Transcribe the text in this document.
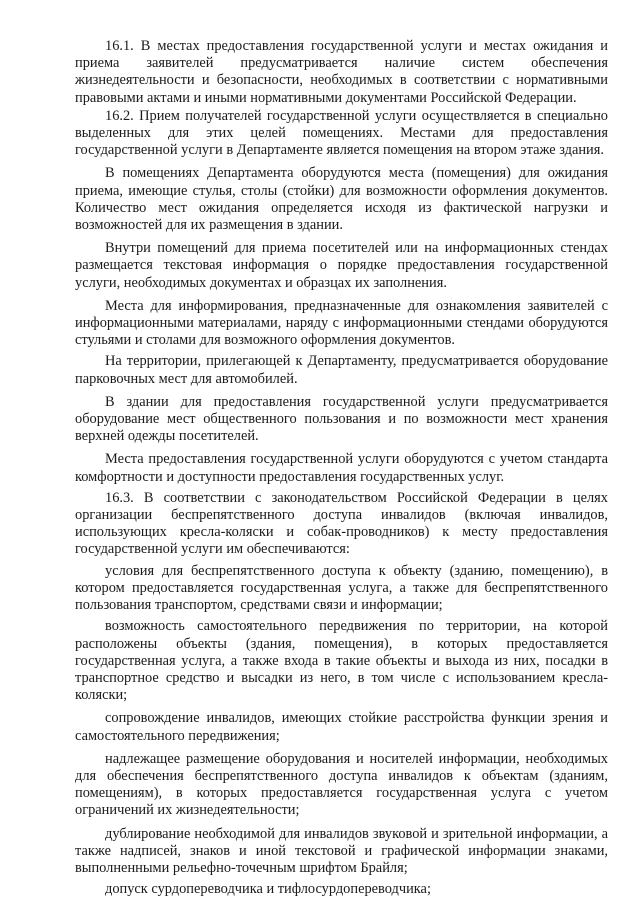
16.1. В местах предоставления государственной услуги и местах ожидания и приема заявителей предусматривается наличие систем обеспечения жизнедеятельности и безопасности, необходимых в соответствии с нормативными правовыми актами и иными нормативными документами Российской Федерации.

16.2. Прием получателей государственной услуги осуществляется в специально выделенных для этих целей помещениях. Местами для предоставления государственной услуги в Департаменте является помещения на втором этаже здания.

В помещениях Департамента оборудуются места (помещения) для ожидания приема, имеющие стулья, столы (стойки) для возможности оформления документов. Количество мест ожидания определяется исходя из фактической нагрузки и возможностей для их размещения в здании.

Внутри помещений для приема посетителей или на информационных стендах размещается текстовая информация о порядке предоставления государственной услуги, необходимых документах и образцах их заполнения.

Места для информирования, предназначенные для ознакомления заявителей с информационными материалами, наряду с информационными стендами оборудуются стульями и столами для возможного оформления документов.

На территории, прилегающей к Департаменту, предусматривается оборудование парковочных мест для автомобилей.

В здании для предоставления государственной услуги предусматривается оборудование мест общественного пользования и по возможности мест хранения верхней одежды посетителей.

Места предоставления государственной услуги оборудуются с учетом стандарта комфортности и доступности предоставления государственных услуг.

16.3. В соответствии с законодательством Российской Федерации в целях организации беспрепятственного доступа инвалидов (включая инвалидов, использующих кресла-коляски и собак-проводников) к месту предоставления государственной услуги им обеспечиваются:

условия для беспрепятственного доступа к объекту (зданию, помещению), в котором предоставляется государственная услуга, а также для беспрепятственного пользования транспортом, средствами связи и информации;

возможность самостоятельного передвижения по территории, на которой расположены объекты (здания, помещения), в которых предоставляется государственная услуга, а также входа в такие объекты и выхода из них, посадки в транспортное средство и высадки из него, в том числе с использованием кресла-коляски;

сопровождение инвалидов, имеющих стойкие расстройства функции зрения и самостоятельного передвижения;

надлежащее размещение оборудования и носителей информации, необходимых для обеспечения беспрепятственного доступа инвалидов к объектам (зданиям, помещениям), в которых предоставляется государственная услуга с учетом ограничений их жизнедеятельности;

дублирование необходимой для инвалидов звуковой и зрительной информации, а также надписей, знаков и иной текстовой и графической информации знаками, выполненными рельефно-точечным шрифтом Брайля;

допуск сурдопереводчика и тифлосурдопереводчика;
